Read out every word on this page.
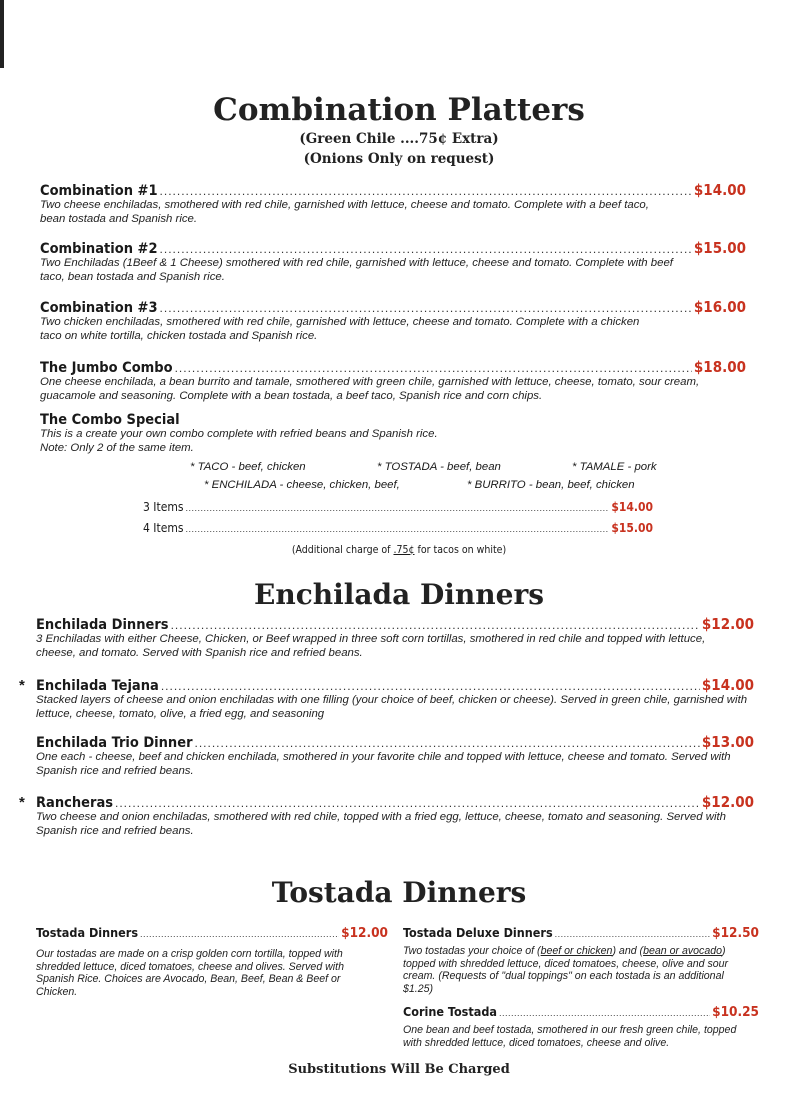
Combination Platters
(Green Chile ....75¢ Extra)
(Onions Only on request)
Combination #1 .....	$14.00
Two cheese enchiladas, smothered with red chile, garnished with lettuce, cheese and tomato. Complete with a beef taco, bean tostada and Spanish rice.
Combination #2 .....	$15.00
Two Enchiladas (1Beef & 1 Cheese) smothered with red chile, garnished with lettuce, cheese and tomato. Complete with beef taco, bean tostada and Spanish rice.
Combination #3 .....	$16.00
Two chicken enchiladas, smothered with red chile, garnished with lettuce, cheese and tomato. Complete with a chicken taco on white tortilla, chicken tostada and Spanish rice.
The Jumbo Combo .....	$18.00
One cheese enchilada, a bean burrito and tamale, smothered with green chile, garnished with lettuce, cheese, tomato, sour cream, guacamole and seasoning. Complete with a bean tostada, a beef taco, Spanish rice and corn chips.
The Combo Special
This is a create your own combo complete with refried beans and Spanish rice.
Note: Only 2 of the same item.
* TACO - beef, chicken	* TOSTADA - beef, bean	* TAMALE - pork
* ENCHILADA - cheese, chicken, beef,	* BURRITO - bean, beef, chicken
3 Items .....	$14.00
4 Items .....	$15.00
(Additional charge of .75¢ for tacos on white)
Enchilada Dinners
Enchilada Dinners .....	$12.00
3 Enchiladas with either Cheese, Chicken, or Beef wrapped in three soft corn tortillas, smothered in red chile and topped with lettuce, cheese, and tomato. Served with Spanish rice and refried beans.
* Enchilada Tejana .....	$14.00
Stacked layers of cheese and onion enchiladas with one filling (your choice of beef, chicken or cheese). Served in green chile, garnished with lettuce, cheese, tomato, olive, a fried egg, and seasoning
Enchilada Trio Dinner .....	$13.00
One each - cheese, beef and chicken enchilada, smothered in your favorite chile and topped with lettuce, cheese and tomato. Served with Spanish rice and refried beans.
* Rancheras .....	$12.00
Two cheese and onion enchiladas, smothered with red chile, topped with a fried egg, lettuce, cheese, tomato and seasoning. Served with Spanish rice and refried beans.
Tostada Dinners
Tostada Dinners .....	$12.00
Our tostadas are made on a crisp golden corn tortilla, topped with shredded lettuce, diced tomatoes, cheese and olives. Served with Spanish Rice. Choices are Avocado, Bean, Beef, Bean & Beef or Chicken.
Tostada Deluxe Dinners .....	$12.50
Two tostadas your choice of (beef or chicken) and (bean or avocado) topped with shredded lettuce, diced tomatoes, cheese, olive and sour cream. (Requests of "dual toppings" on each tostada is an additional $1.25)
Corine Tostada .....	$10.25
One bean and beef tostada, smothered in our fresh green chile, topped with shredded lettuce, diced tomatoes, cheese and olive.
Substitutions Will Be Charged
